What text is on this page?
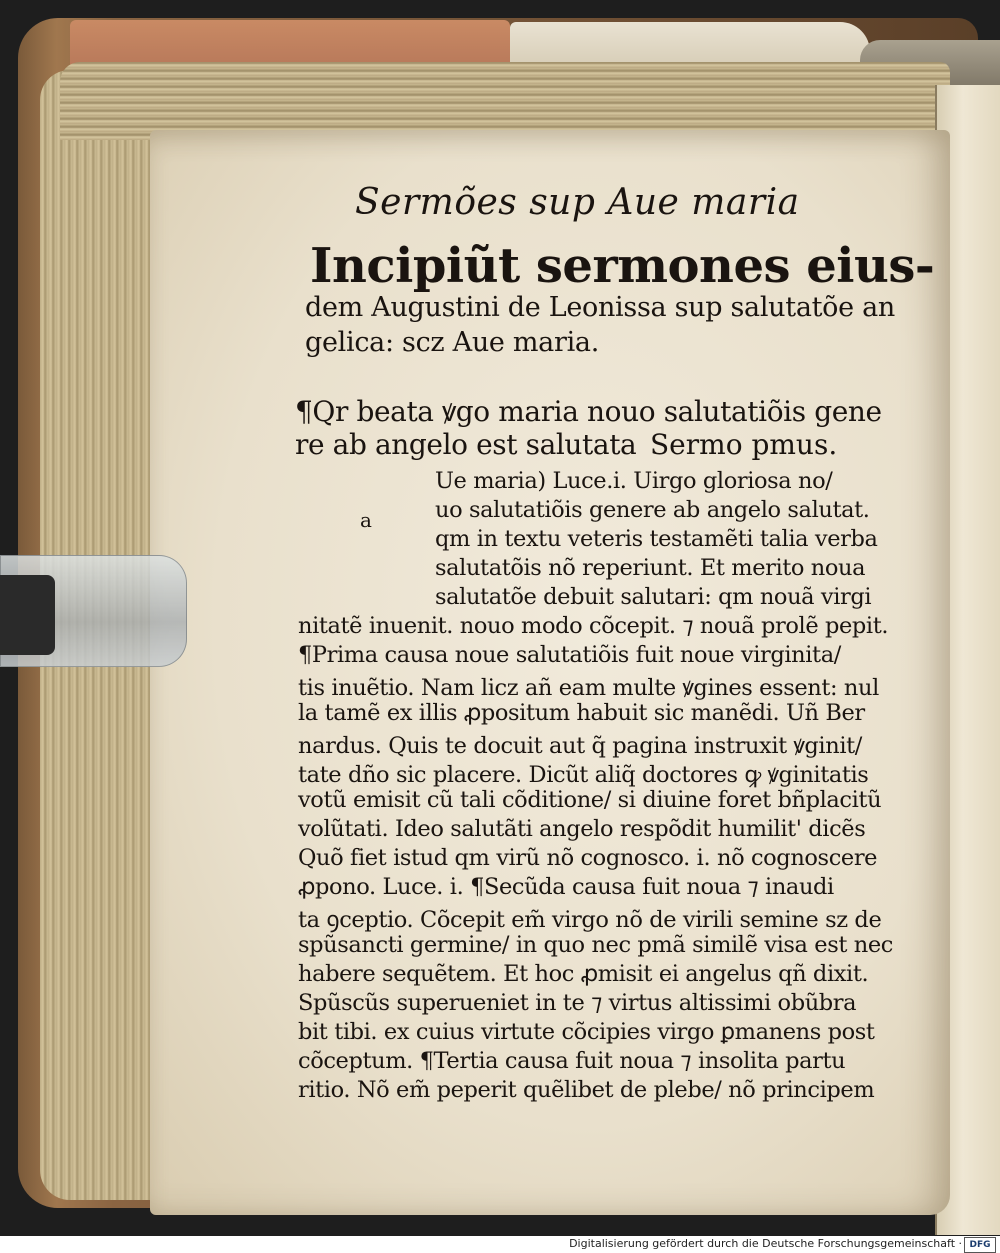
Sermões sup Aue maria
Incipiũt sermones eius-
dem Augustini de Leonissa sup salutatõe an
gelica: scz Aue maria.
¶Qr beata ꝟgo maria nouo salutatiõis gene
re ab angelo est salutata Sermo pmus.
a
Ue maria) Luce.i. Uirgo gloriosa no/
uo salutatiõis genere ab angelo salutat.
qm in textu veteris testamẽti talia verba
salutatõis nõ reperiunt. Et merito noua
salutatõe debuit salutari: qm nouã virgi
nitatẽ inuenit. nouo modo cõcepit. ⁊ nouã prolẽ pepit.
¶Prima causa noue salutatiõis fuit noue virginita/
tis inuẽtio. Nam licz añ eam multe ꝟgines essent: nul
la tamẽ ex illis ꝓpositum habuit sic manẽdi. Uñ Ber
nardus. Quis te docuit aut q̃ pagina instruxit ꝟginit/
tate dño sic placere. Dicũt aliq̃ doctores ꝙ ꝟginitatis
votũ emisit cũ tali cõditione/ si diuine foret bñplacitũ
volũtati. Ideo salutãti angelo respõdit humilit' dicẽs
Quõ fiet istud qm virũ nõ cognosco. i. nõ cognoscere
ꝓpono. Luce. i. ¶Secũda causa fuit noua ⁊ inaudi
ta ꝯceptio. Cõcepit em̃ virgo nõ de virili semine sz de
spũsancti germine/ in quo nec pmã similẽ visa est nec
habere sequẽtem. Et hoc ꝓmisit ei angelus qñ dixit.
Spũscũs superueniet in te ⁊ virtus altissimi obũbra
bit tibi. ex cuius virtute cõcipies virgo ꝑmanens post
cõceptum. ¶Tertia causa fuit noua ⁊ insolita partu
ritio. Nõ em̃ peperit quẽlibet de plebe/ nõ principem
Digitalisierung gefördert durch die Deutsche Forschungsgemeinschaft · DFG
